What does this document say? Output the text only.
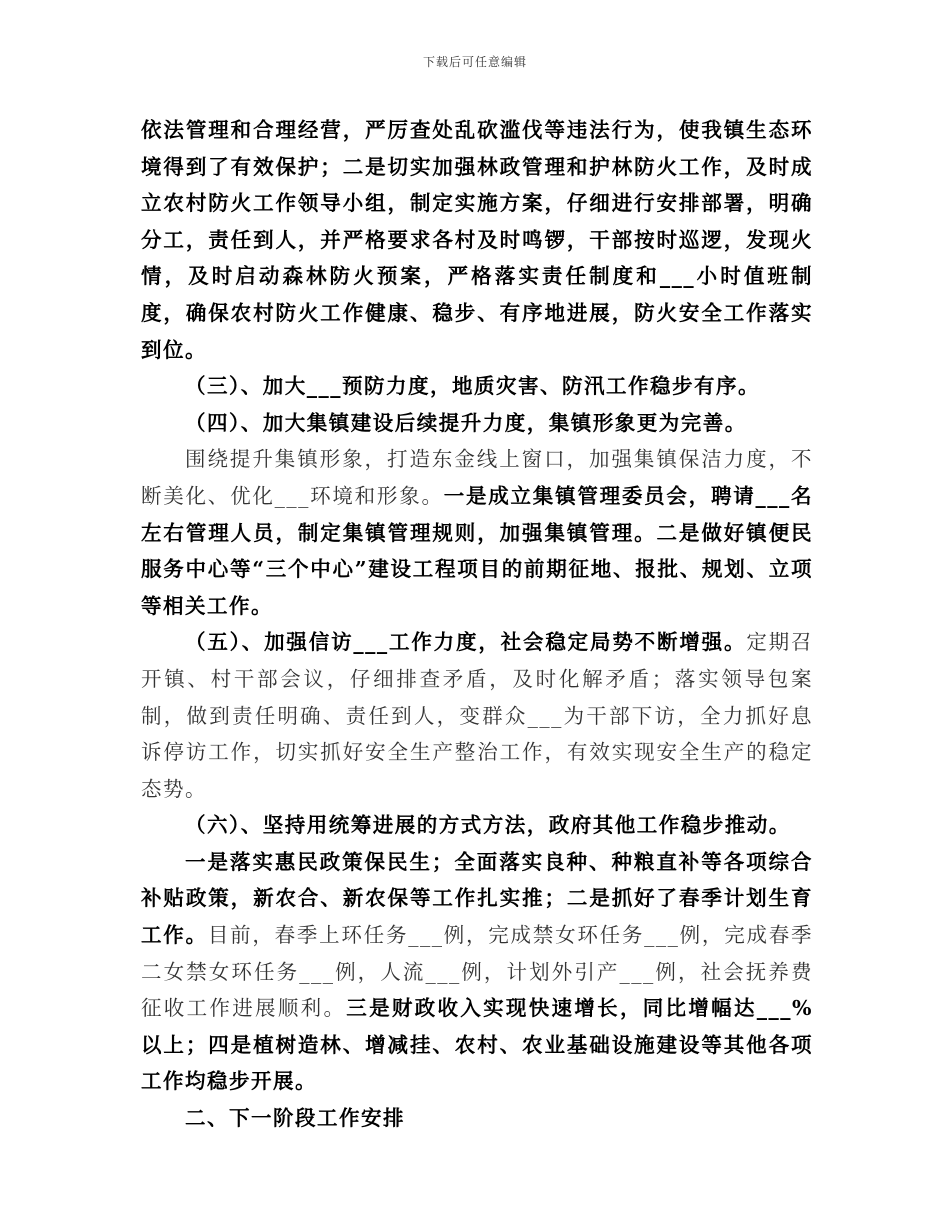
下载后可任意编辑

依法管理和合理经营，严厉查处乱砍滥伐等违法行为，使我镇生态环境得到了有效保护；二是切实加强林政管理和护林防火工作，及时成立农村防火工作领导小组，制定实施方案，仔细进行安排部署，明确分工，责任到人，并严格要求各村及时鸣锣，干部按时巡逻，发现火情，及时启动森林防火预案，严格落实责任制度和___小时值班制度，确保农村防火工作健康、稳步、有序地进展，防火安全工作落实到位。

（三）、加大___预防力度，地质灾害、防汛工作稳步有序。

（四）、加大集镇建设后续提升力度，集镇形象更为完善。

围绕提升集镇形象，打造东金线上窗口，加强集镇保洁力度，不断美化、优化___环境和形象。一是成立集镇管理委员会，聘请___名左右管理人员，制定集镇管理规则，加强集镇管理。二是做好镇便民服务中心等“三个中心”建设工程项目的前期征地、报批、规划、立项等相关工作。

（五）、加强信访___工作力度，社会稳定局势不断增强。定期召开镇、村干部会议，仔细排查矛盾，及时化解矛盾；落实领导包案制，做到责任明确、责任到人，变群众___为干部下访，全力抓好息诉停访工作，切实抓好安全生产整治工作，有效实现安全生产的稳定态势。

（六）、坚持用统筹进展的方式方法，政府其他工作稳步推动。

一是落实惠民政策保民生；全面落实良种、种粮直补等各项综合补贴政策，新农合、新农保等工作扎实推；二是抓好了春季计划生育工作。目前，春季上环任务___例，完成禁女环任务___例，完成春季二女禁女环任务___例，人流___例，计划外引产___例，社会抚养费征收工作进展顺利。三是财政收入实现快速增长，同比增幅达___%以上；四是植树造林、增减挂、农村、农业基础设施建设等其他各项工作均稳步开展。

二、下一阶段工作安排
